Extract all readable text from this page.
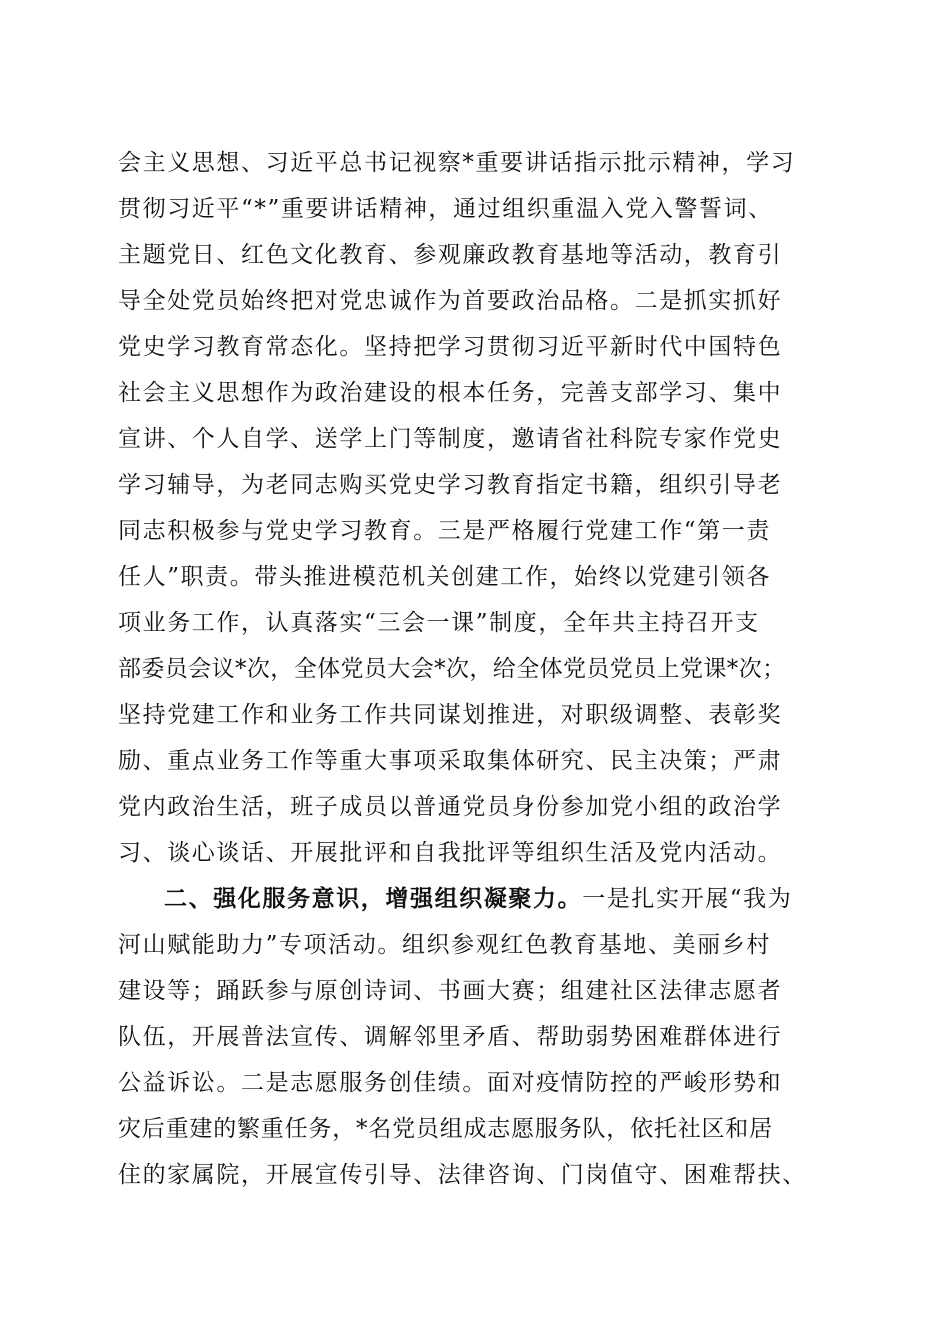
会主义思想、习近平总书记视察*重要讲话指示批示精神，学习
贯彻习近平“*”重要讲话精神，通过组织重温入党入警誓词、
主题党日、红色文化教育、参观廉政教育基地等活动，教育引
导全处党员始终把对党忠诚作为首要政治品格。二是抓实抓好
党史学习教育常态化。坚持把学习贯彻习近平新时代中国特色
社会主义思想作为政治建设的根本任务，完善支部学习、集中
宣讲、个人自学、送学上门等制度，邀请省社科院专家作党史
学习辅导，为老同志购买党史学习教育指定书籍，组织引导老
同志积极参与党史学习教育。三是严格履行党建工作“第一责
任人”职责。带头推进模范机关创建工作，始终以党建引领各
项业务工作，认真落实“三会一课”制度，全年共主持召开支
部委员会议*次，全体党员大会*次，给全体党员党员上党课*次；
坚持党建工作和业务工作共同谋划推进，对职级调整、表彰奖
励、重点业务工作等重大事项采取集体研究、民主决策；严肃
党内政治生活，班子成员以普通党员身份参加党小组的政治学
习、谈心谈话、开展批评和自我批评等组织生活及党内活动。
二、强化服务意识，增强组织凝聚力。一是扎实开展“我为
河山赋能助力”专项活动。组织参观红色教育基地、美丽乡村
建设等；踊跃参与原创诗词、书画大赛；组建社区法律志愿者
队伍，开展普法宣传、调解邻里矛盾、帮助弱势困难群体进行
公益诉讼。二是志愿服务创佳绩。面对疫情防控的严峻形势和
灾后重建的繁重任务，*名党员组成志愿服务队，依托社区和居
住的家属院，开展宣传引导、法律咨询、门岗值守、困难帮扶、
